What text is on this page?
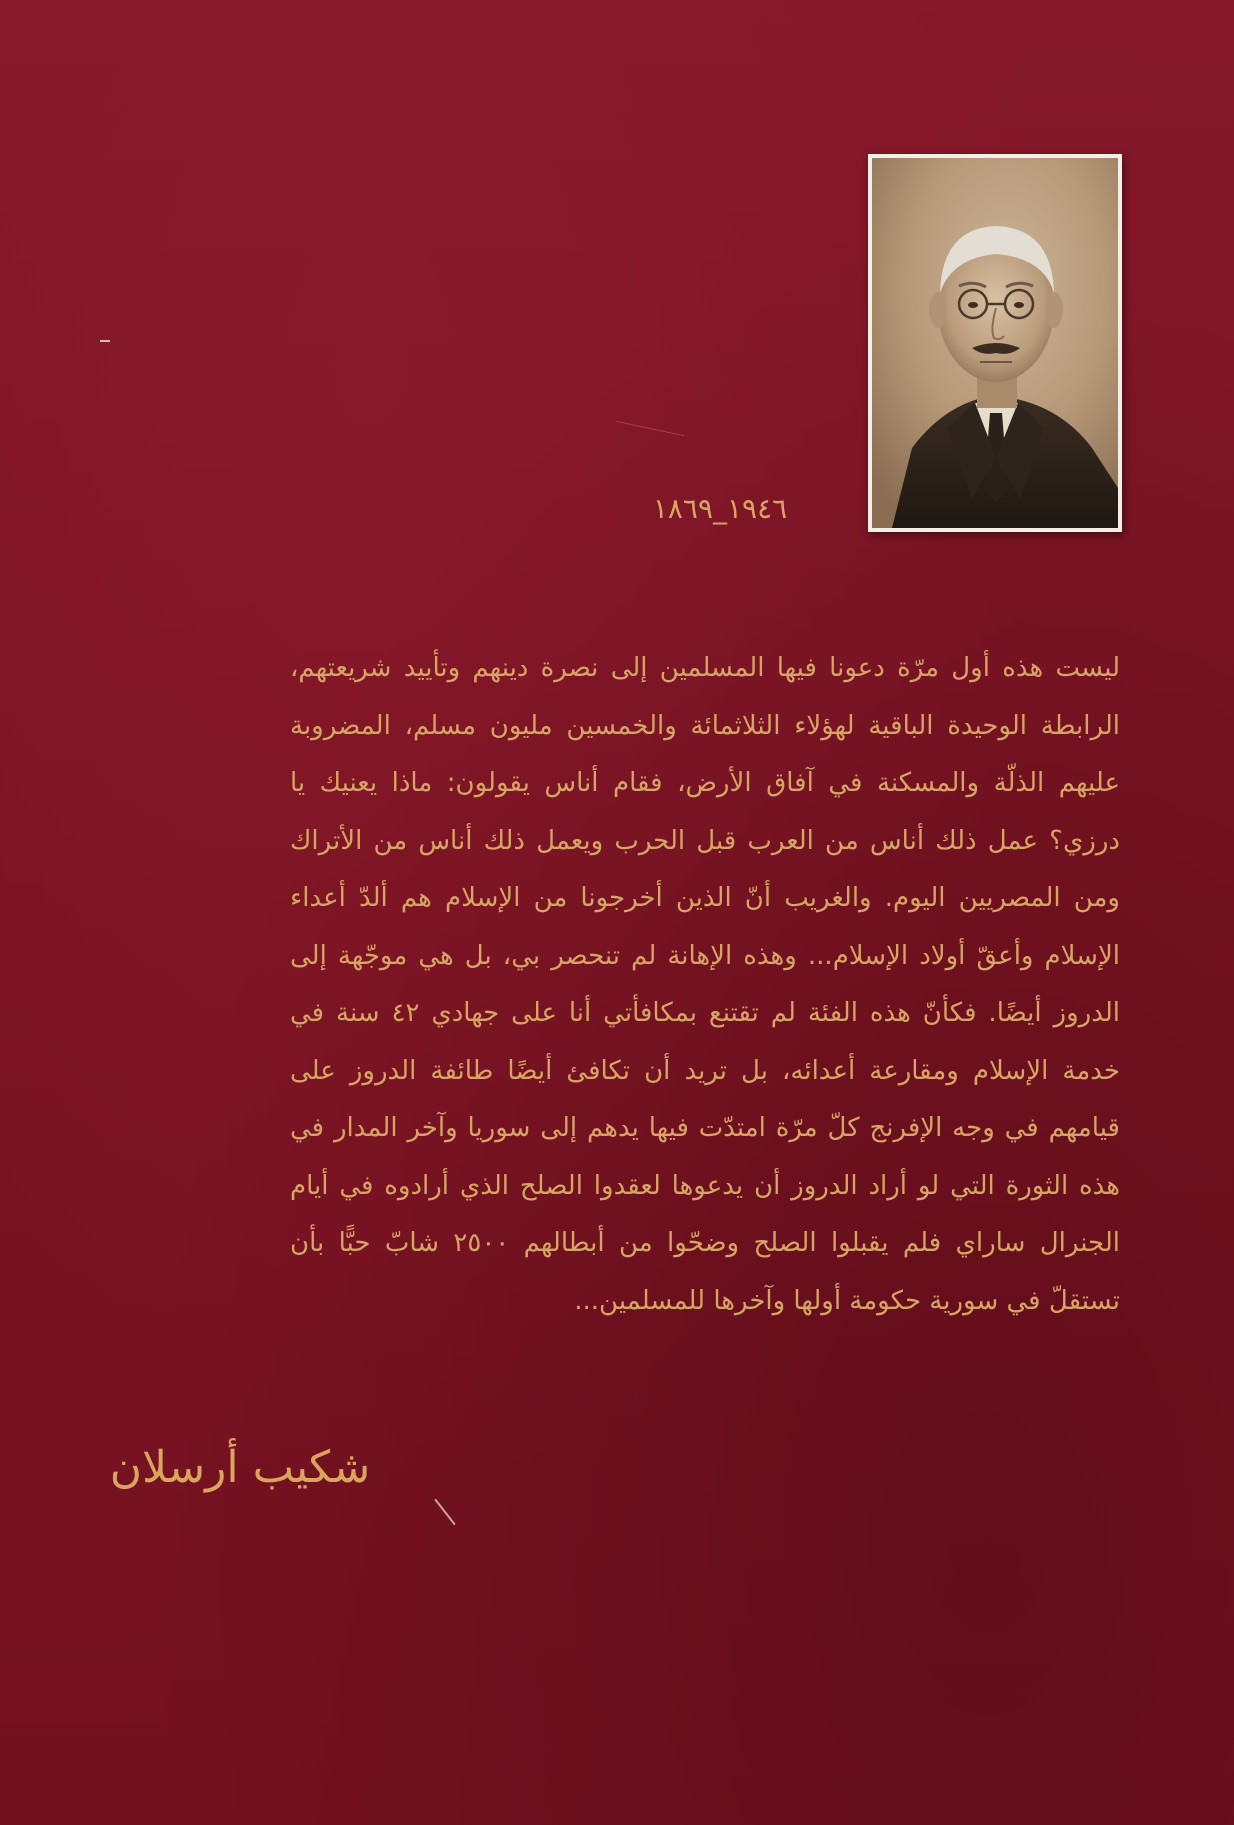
١٩٤٦_١٨٦٩
ليست هذه أول مرّة دعونا فيها المسلمين إلى نصرة دينهم وتأييد شريعتهم، الرابطة الوحيدة الباقية لهؤلاء الثلاثمائة والخمسين مليون مسلم، المضروبة عليهم الذلّة والمسكنة في آفاق الأرض، فقام أناس يقولون: ماذا يعنيك يا درزي؟ عمل ذلك أناس من العرب قبل الحرب ويعمل ذلك أناس من الأتراك ومن المصريين اليوم. والغريب أنّ الذين أخرجونا من الإسلام هم ألدّ أعداء الإسلام وأعقّ أولاد الإسلام... وهذه الإهانة لم تنحصر بي، بل هي موجّهة إلى الدروز أيضًا. فكأنّ هذه الفئة لم تقتنع بمكافأتي أنا على جهادي ٤٢ سنة في خدمة الإسلام ومقارعة أعدائه، بل تريد أن تكافئ أيضًا طائفة الدروز على قيامهم في وجه الإفرنج كلّ مرّة امتدّت فيها يدهم إلى سوريا وآخر المدار في هذه الثورة التي لو أراد الدروز أن يدعوها لعقدوا الصلح الذي أرادوه في أيام الجنرال ساراي فلم يقبلوا الصلح وضحّوا من أبطالهم ٢٥٠٠ شابّ حبًّا بأن تستقلّ في سورية حكومة أولها وآخرها للمسلمين...
شكيب أرسلان
